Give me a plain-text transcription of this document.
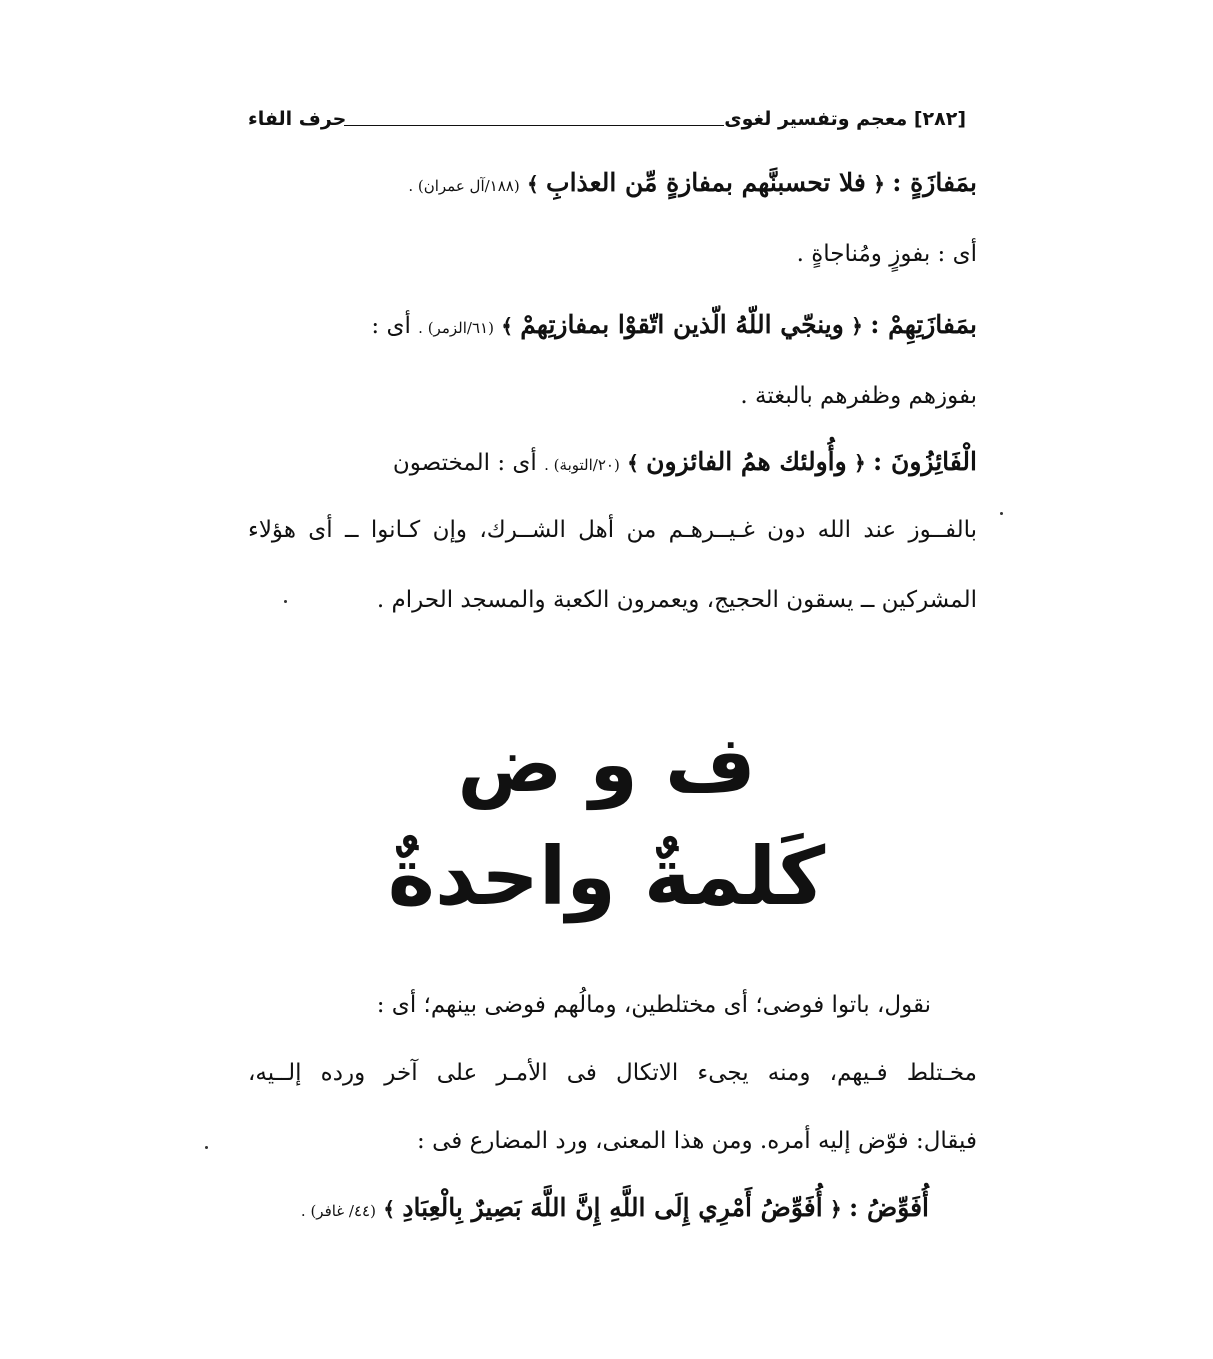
[٢٨٢] معجم وتفسير لغوى
حرف الفاء
بمَفازَةٍ : ﴿ فلا تحسبنَّهم بمفازةٍ مِّن العذابِ ﴾ (١٨٨/آل عمران) .
أى : بفوزٍ ومُناجاةٍ .
بمَفازَتِهِمْ : ﴿ وينجّي اللّهُ الّذين اتّقوْا بمفازتِهمْ ﴾ (٦١/الزمر) . أى :
بفوزهم وظفرهم بالبغتة .
الْفَائِزُونَ : ﴿ وأُولئك همُ الفائزون ﴾ (٢٠/التوبة) . أى : المختصون
بالفــوز عند الله دون غـيــرهـم من أهل الشــرك، وإن كـانوا ــ أى هؤلاء
المشركين ــ يسقون الحجيج، ويعمرون الكعبة والمسجد الحرام .
ف و ض
كَلمةٌ واحدةٌ
نقول، باتوا فوضى؛ أى مختلطين، ومالُهم فوضى بينهم؛ أى :
مخـتلط فـيهم، ومنه يجىء الاتكال فى الأمـر على آخر ورده إلــيه،
فيقال: فوّض إليه أمره. ومن هذا المعنى، ورد المضارع فى :
أُفَوِّضُ : ﴿ أُفَوِّضُ أَمْرِي إِلَى اللَّهِ إِنَّ اللَّهَ بَصِيرٌ بِالْعِبَادِ ﴾ (٤٤/ غافر) .
